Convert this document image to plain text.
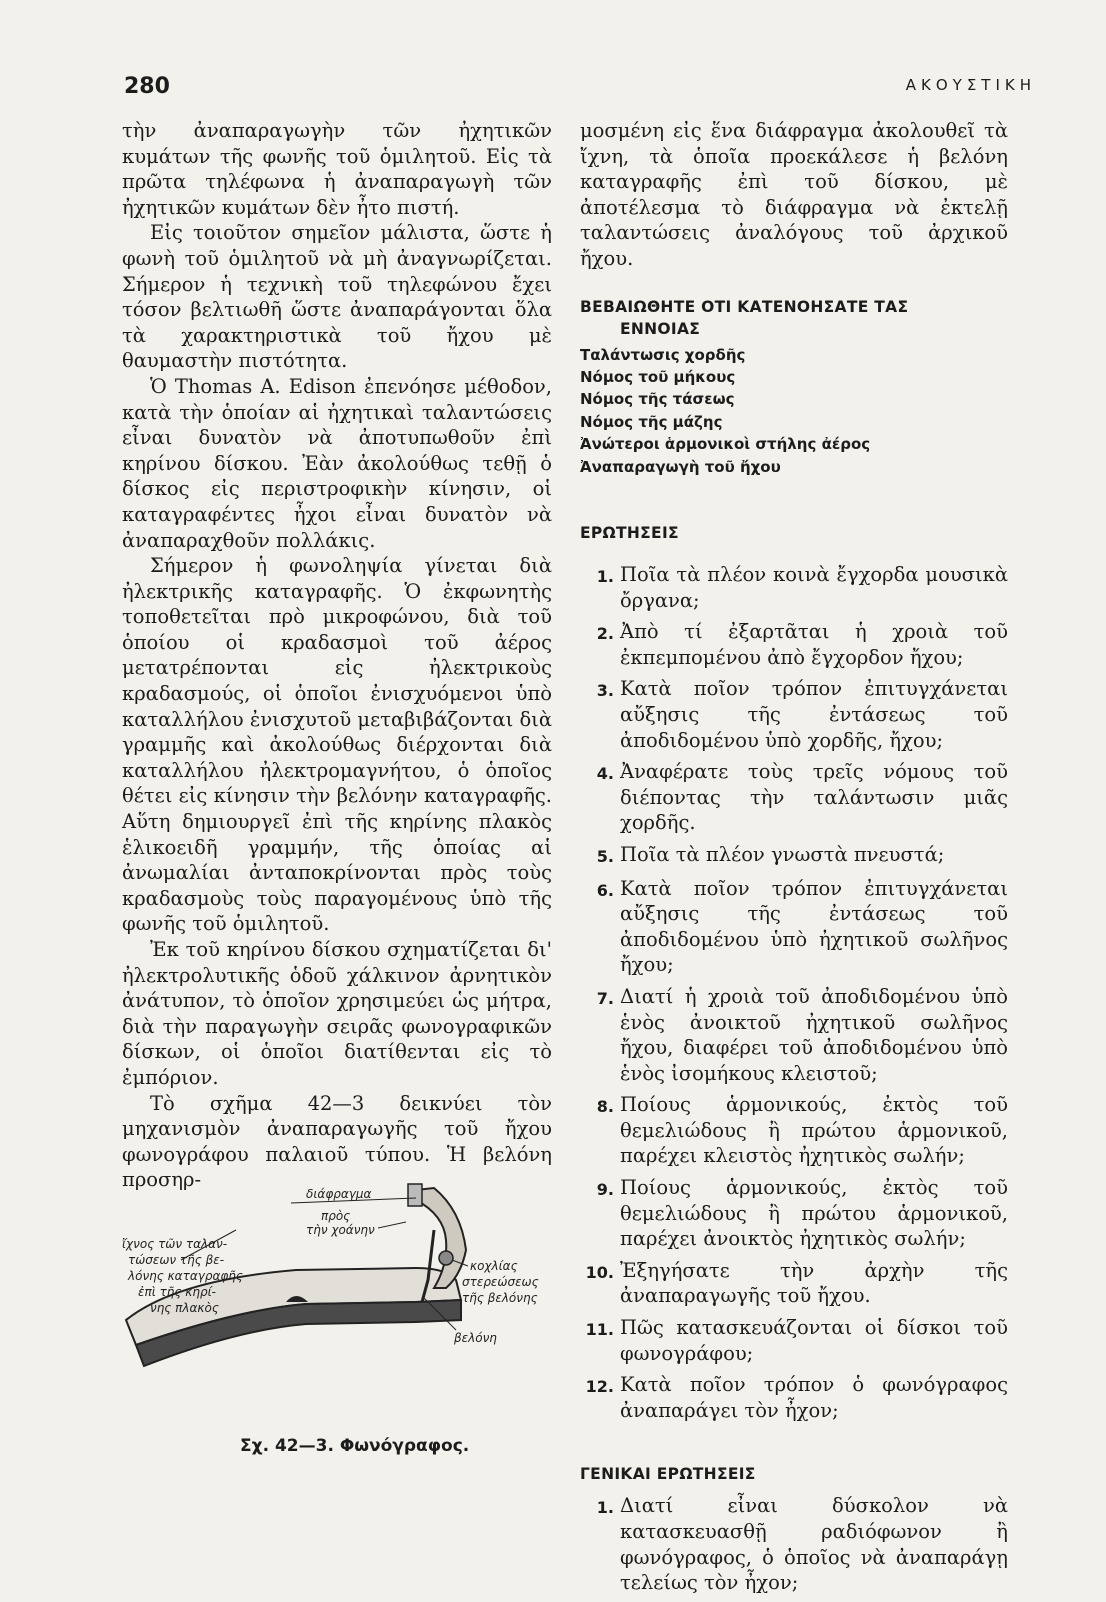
280	ΑΚΟΥΣΤΙΚΗ

τὴν ἀναπαραγωγὴν τῶν ἠχητικῶν κυμάτων τῆς φωνῆς τοῦ ὁμιλητοῦ. Εἰς τὰ πρῶτα τηλέφωνα ἡ ἀναπαραγωγὴ τῶν ἠχητικῶν κυμάτων δὲν ἦτο πιστή.

Εἰς τοιοῦτον σημεῖον μάλιστα, ὥστε ἡ φωνὴ τοῦ ὁμιλητοῦ νὰ μὴ ἀναγνωρίζεται. Σήμερον ἡ τεχνικὴ τοῦ τηλεφώνου ἔχει τόσον βελτιωθῆ ὥστε ἀναπαράγονται ὅλα τὰ χαρακτηριστικὰ τοῦ ἤχου μὲ θαυμαστὴν πιστότητα.

Ὁ Thomas A. Edison ἐπενόησε μέθοδον, κατὰ τὴν ὁποίαν αἱ ἠχητικαὶ ταλαντώσεις εἶναι δυνατὸν νὰ ἀποτυπωθοῦν ἐπὶ κηρίνου δίσκου. Ἐὰν ἀκολούθως τεθῇ ὁ δίσκος εἰς περιστροφικὴν κίνησιν, οἱ καταγραφέντες ἦχοι εἶναι δυνατὸν νὰ ἀναπαραχθοῦν πολλάκις.

Σήμερον ἡ φωνοληψία γίνεται διὰ ἠλεκτρικῆς καταγραφῆς. Ὁ ἐκφωνητὴς τοποθετεῖται πρὸ μικροφώνου, διὰ τοῦ ὁποίου οἱ κραδασμοὶ τοῦ ἀέρος μετατρέπονται εἰς ἠλεκτρικοὺς κραδασμούς, οἱ ὁποῖοι ἐνισχυόμενοι ὑπὸ καταλλήλου ἐνισχυτοῦ μεταβιβάζονται διὰ γραμμῆς καὶ ἀκολούθως διέρχονται διὰ καταλλήλου ἠλεκτρομαγνήτου, ὁ ὁποῖος θέτει εἰς κίνησιν τὴν βελόνην καταγραφῆς. Αὕτη δημιουργεῖ ἐπὶ τῆς κηρίνης πλακὸς ἑλικοειδῆ γραμμήν, τῆς ὁποίας αἱ ἀνωμαλίαι ἀνταποκρίνονται πρὸς τοὺς κραδασμοὺς τοὺς παραγομένους ὑπὸ τῆς φωνῆς τοῦ ὁμιλητοῦ.

Ἐκ τοῦ κηρίνου δίσκου σχηματίζεται δι' ἠλεκτρολυτικῆς ὁδοῦ χάλκινον ἀρνητικὸν ἀνάτυπον, τὸ ὁποῖον χρησιμεύει ὡς μήτρα, διὰ τὴν παραγωγὴν σειρᾶς φωνογραφικῶν δίσκων, οἱ ὁποῖοι διατίθενται εἰς τὸ ἐμπόριον.

Τὸ σχῆμα 42—3 δεικνύει τὸν μηχανισμὸν ἀναπαραγωγῆς τοῦ ἤχου φωνογράφου παλαιοῦ τύπου. Ἡ βελόνη προσηρ-

διάφραγμα
πρὸς
τὴν χοάνην
κοχλίας
στερεώσεως
τῆς βελόνης
ἴχνος τῶν ταλαν-
τώσεων τῆς βε-
λόνης καταγραφῆς
ἐπὶ τῆς κηρί-
νης πλακὸς
βελόνη
Σχ. 42—3. Φωνόγραφος.

μοσμένη εἰς ἕνα διάφραγμα ἀκολουθεῖ τὰ ἴχνη, τὰ ὁποῖα προεκάλεσε ἡ βελόνη καταγραφῆς ἐπὶ τοῦ δίσκου, μὲ ἀποτέλεσμα τὸ διάφραγμα νὰ ἐκτελῇ ταλαντώσεις ἀναλόγους τοῦ ἀρχικοῦ ἤχου.

ΒΕΒΑΙΩΘΗΤΕ ΟΤΙ ΚΑΤΕΝΟΗΣΑΤΕ ΤΑΣ
ΕΝΝΟΙΑΣ
Ταλάντωσις χορδῆς
Νόμος τοῦ μήκους
Νόμος τῆς τάσεως
Νόμος τῆς μάζης
Ἀνώτεροι ἁρμονικοὶ στήλης ἀέρος
Ἀναπαραγωγὴ τοῦ ἤχου
ΕΡΩΤΗΣΕΙΣ
1. Ποῖα τὰ πλέον κοινὰ ἔγχορδα μουσικὰ ὄργανα;
2. Ἀπὸ τί ἐξαρτᾶται ἡ χροιὰ τοῦ ἐκπεμπομένου ἀπὸ ἔγχορδον ἤχου;
3. Κατὰ ποῖον τρόπον ἐπιτυγχάνεται αὔξησις τῆς ἐντάσεως τοῦ ἀποδιδομένου ὑπὸ χορδῆς, ἤχου;
4. Ἀναφέρατε τοὺς τρεῖς νόμους τοῦ διέποντας τὴν ταλάντωσιν μιᾶς χορδῆς.
5. Ποῖα τὰ πλέον γνωστὰ πνευστά;
6. Κατὰ ποῖον τρόπον ἐπιτυγχάνεται αὔξησις τῆς ἐντάσεως τοῦ ἀποδιδομένου ὑπὸ ἠχητικοῦ σωλῆνος ἤχου;
7. Διατί ἡ χροιὰ τοῦ ἀποδιδομένου ὑπὸ ἑνὸς ἀνοικτοῦ ἠχητικοῦ σωλῆνος ἤχου, διαφέρει τοῦ ἀποδιδομένου ὑπὸ ἑνὸς ἰσομήκους κλειστοῦ;
8. Ποίους ἁρμονικούς, ἐκτὸς τοῦ θεμελιώδους ἢ πρώτου ἁρμονικοῦ, παρέχει κλειστὸς ἠχητικὸς σωλήν;
9. Ποίους ἁρμονικούς, ἐκτὸς τοῦ θεμελιώδους ἢ πρώτου ἁρμονικοῦ, παρέχει ἀνοικτὸς ἠχητικὸς σωλήν;
10. Ἐξηγήσατε τὴν ἀρχὴν τῆς ἀναπαραγωγῆς τοῦ ἤχου.
11. Πῶς κατασκευάζονται οἱ δίσκοι τοῦ φωνογράφου;
12. Κατὰ ποῖον τρόπον ὁ φωνόγραφος ἀναπαράγει τὸν ἦχον;
ΓΕΝΙΚΑΙ ΕΡΩΤΗΣΕΙΣ
1. Διατί εἶναι δύσκολον νὰ κατασκευασθῇ ραδιόφωνον ἢ φωνόγραφος, ὁ ὁποῖος νὰ ἀναπαράγῃ τελείως τὸν ἦχον;
